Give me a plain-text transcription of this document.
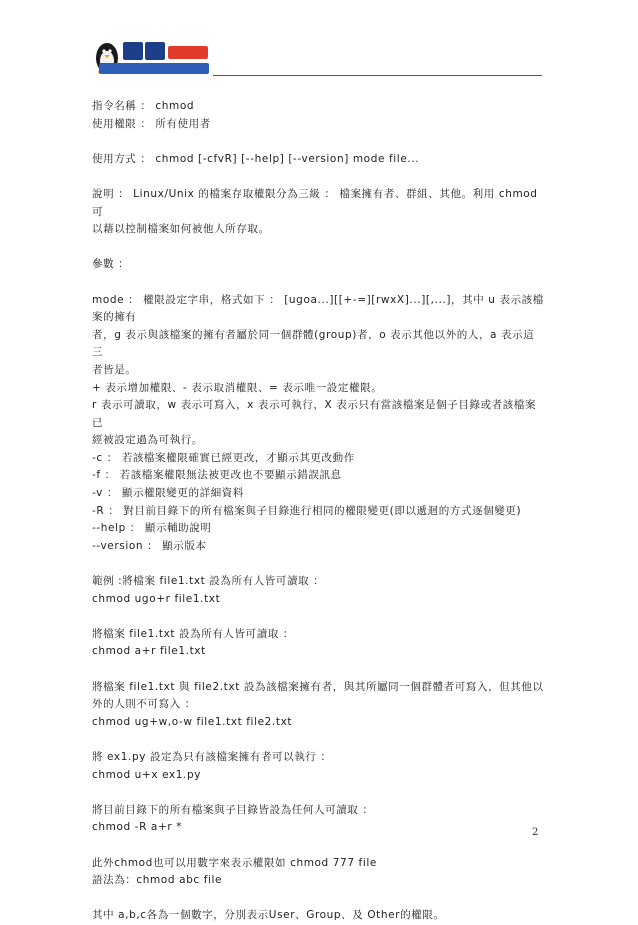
指令名稱 ： chmod

使用權限 ： 所有使用者

使用方式 ： chmod [-cfvR] [--help] [--version] mode file...

說明 ： Linux/Unix 的檔案存取權限分為三級 ： 檔案擁有者、群組、其他。利用 chmod 可

以藉以控制檔案如何被他人所存取。

參數 ：

mode ： 權限設定字串，格式如下 ： [ugoa...][[+-=][rwxX]...][,...]，其中 u 表示該檔案的擁有

者，g 表示與該檔案的擁有者屬於同一個群體(group)者，o 表示其他以外的人，a 表示這三

者皆是。

+ 表示增加權限、- 表示取消權限、= 表示唯一設定權限。

r 表示可讀取，w 表示可寫入，x 表示可執行，X 表示只有當該檔案是個子目錄或者該檔案已

經被設定過為可執行。

-c ： 若該檔案權限確實已經更改，才顯示其更改動作

-f ： 若該檔案權限無法被更改也不要顯示錯誤訊息

-v ： 顯示權限變更的詳細資料

-R ： 對目前目錄下的所有檔案與子目錄進行相同的權限變更(即以遞迴的方式逐個變更)

--help ： 顯示輔助說明

--version ： 顯示版本

範例 :將檔案 file1.txt 設為所有人皆可讀取 ：

chmod ugo+r file1.txt

將檔案 file1.txt 設為所有人皆可讀取 ：

chmod a+r file1.txt

將檔案 file1.txt 與 file2.txt 設為該檔案擁有者，與其所屬同一個群體者可寫入，但其他以

外的人則不可寫入 ：

chmod ug+w,o-w file1.txt file2.txt

將 ex1.py 設定為只有該檔案擁有者可以執行 ：

chmod u+x ex1.py

將目前目錄下的所有檔案與子目錄皆設為任何人可讀取 ：

chmod -R a+r *

此外chmod也可以用數字來表示權限如 chmod 777 file

語法為：chmod abc file

其中 a,b,c各為一個數字，分別表示User、Group、及 Other的權限。

2
